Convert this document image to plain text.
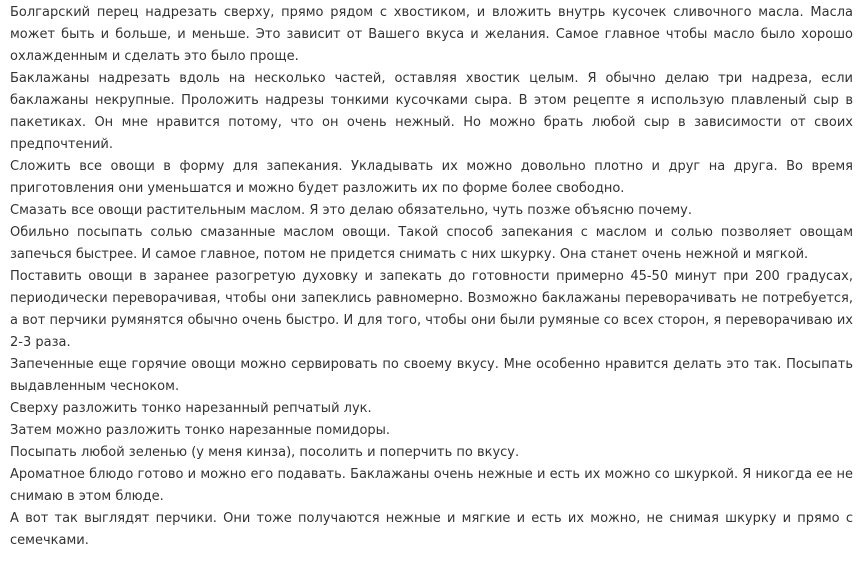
Болгарский перец надрезать сверху, прямо рядом с хвостиком, и вложить внутрь кусочек сливочного масла. Масла может быть и больше, и меньше. Это зависит от Вашего вкуса и желания. Самое главное чтобы масло было хорошо охлажденным и сделать это было проще.

Баклажаны надрезать вдоль на несколько частей, оставляя хвостик целым. Я обычно делаю три надреза, если баклажаны некрупные. Проложить надрезы тонкими кусочками сыра. В этом рецепте я использую плавленый сыр в пакетиках. Он мне нравится потому, что он очень нежный. Но можно брать любой сыр в зависимости от своих предпочтений.

Сложить все овощи в форму для запекания. Укладывать их можно довольно плотно и друг на друга. Во время приготовления они уменьшатся и можно будет разложить их по форме более свободно.

Смазать все овощи растительным маслом. Я это делаю обязательно, чуть позже объясню почему.

Обильно посыпать солью смазанные маслом овощи. Такой способ запекания с маслом и солью позволяет овощам запечься быстрее. И самое главное, потом не придется снимать с них шкурку. Она станет очень нежной и мягкой.

Поставить овощи в заранее разогретую духовку и запекать до готовности примерно 45-50 минут при 200 градусах, периодически переворачивая, чтобы они запеклись равномерно. Возможно баклажаны переворачивать не потребуется, а вот перчики румянятся обычно очень быстро. И для того, чтобы они были румяные со всех сторон, я переворачиваю их 2-3 раза.

Запеченные еще горячие овощи можно сервировать по своему вкусу. Мне особенно нравится делать это так. Посыпать выдавленным чесноком.

Сверху разложить тонко нарезанный репчатый лук.

Затем можно разложить тонко нарезанные помидоры.

Посыпать любой зеленью (у меня кинза), посолить и поперчить по вкусу.

Ароматное блюдо готово и можно его подавать. Баклажаны очень нежные и есть их можно со шкуркой. Я никогда ее не снимаю в этом блюде.

А вот так выглядят перчики. Они тоже получаются нежные и мягкие и есть их можно, не снимая шкурку и прямо с семечками.
